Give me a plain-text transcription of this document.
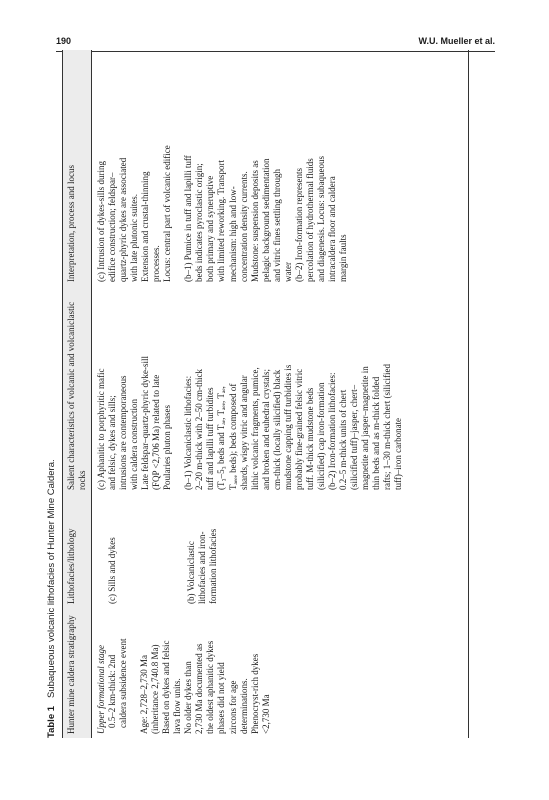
190	W.U. Mueller et al.
Table 1   Subaqueous volcanic lithofacies of Hunter Mine Caldera. Hunter mine caldera stratigraphy
Lithofacies/lithology
Salient characteristics of volcanic and volcaniclastic rocks
Interpretation, process and locus
Upper formational stage 0.5–2 km-thick: 2nd caldera subsidence event Age: 2,728–2,730 Ma (inheritance 2,740.8 Ma) Based on dykes and felsic lava flow units. No older dykes than 2,730 Ma documented as the oldest aphanitic dykes phases did not yield zircons for age determinations. Phenocryst-rich dykes <2,730 Ma
(c) Sills and dykes	(b) Volcaniclastic lithofacies and iron- formation lithofacies
(c) Aphanitic to porphyritic mafic and felsic, dykes and sills; intrusions are contemporaneous with caldera construction Late feldspar–quartz-phyric dyke-sill (FQP <2,706 Ma) related to late Poularies pluton phases (b–1) Volcaniclastic lithofacies: 2–20 m-thick with 2–50 cm-thick tuff and lapilli tuff turbidites (T₃–5₃ beds and Tₐₑ, Tₐₑₑ, Tₐₑ, Tₐₑₑₑ beds); beds composed of shards, wispy vitric and angular lithic volcanic fragments, pumice, and broken and euhedral crystals; cm-thick (locally silicified) black mudstone capping tuff turbidites is probably fine-grained felsic vitric tuff. M-thick mudstone beds (silicified) cap iron-formation (b–2) Iron-formation lithofacies: 0.2–5 m-thick units of chert (silicified tuff)–jasper, chert– magnetite and jasper–magnetite in thin beds and as m-thick folded rafts; 1–30 m-thick chert (silicified tuff)–iron carbonate
(c) Intrusion of dykes-sills during edifice construction; feldspar– quartz-phyric dykes are associated with late plutonic suites. Extension and crustal-thinning processes. Locus: central part of volcanic edifice (b–1) Pumice in tuff and lapilli tuff beds indicates pyroclastic origin; both primary and syneruptive with limited reworking. Transport mechanism: high and low- concentration density currents. Mudstone: suspension deposits as pelagic background sedimentation and vitric fines settling through water (b–2) Iron-formation represents percolation of hydrothermal fluids and diagenesis. Locus: subaqueous intracaldera floor and caldera margin faults
